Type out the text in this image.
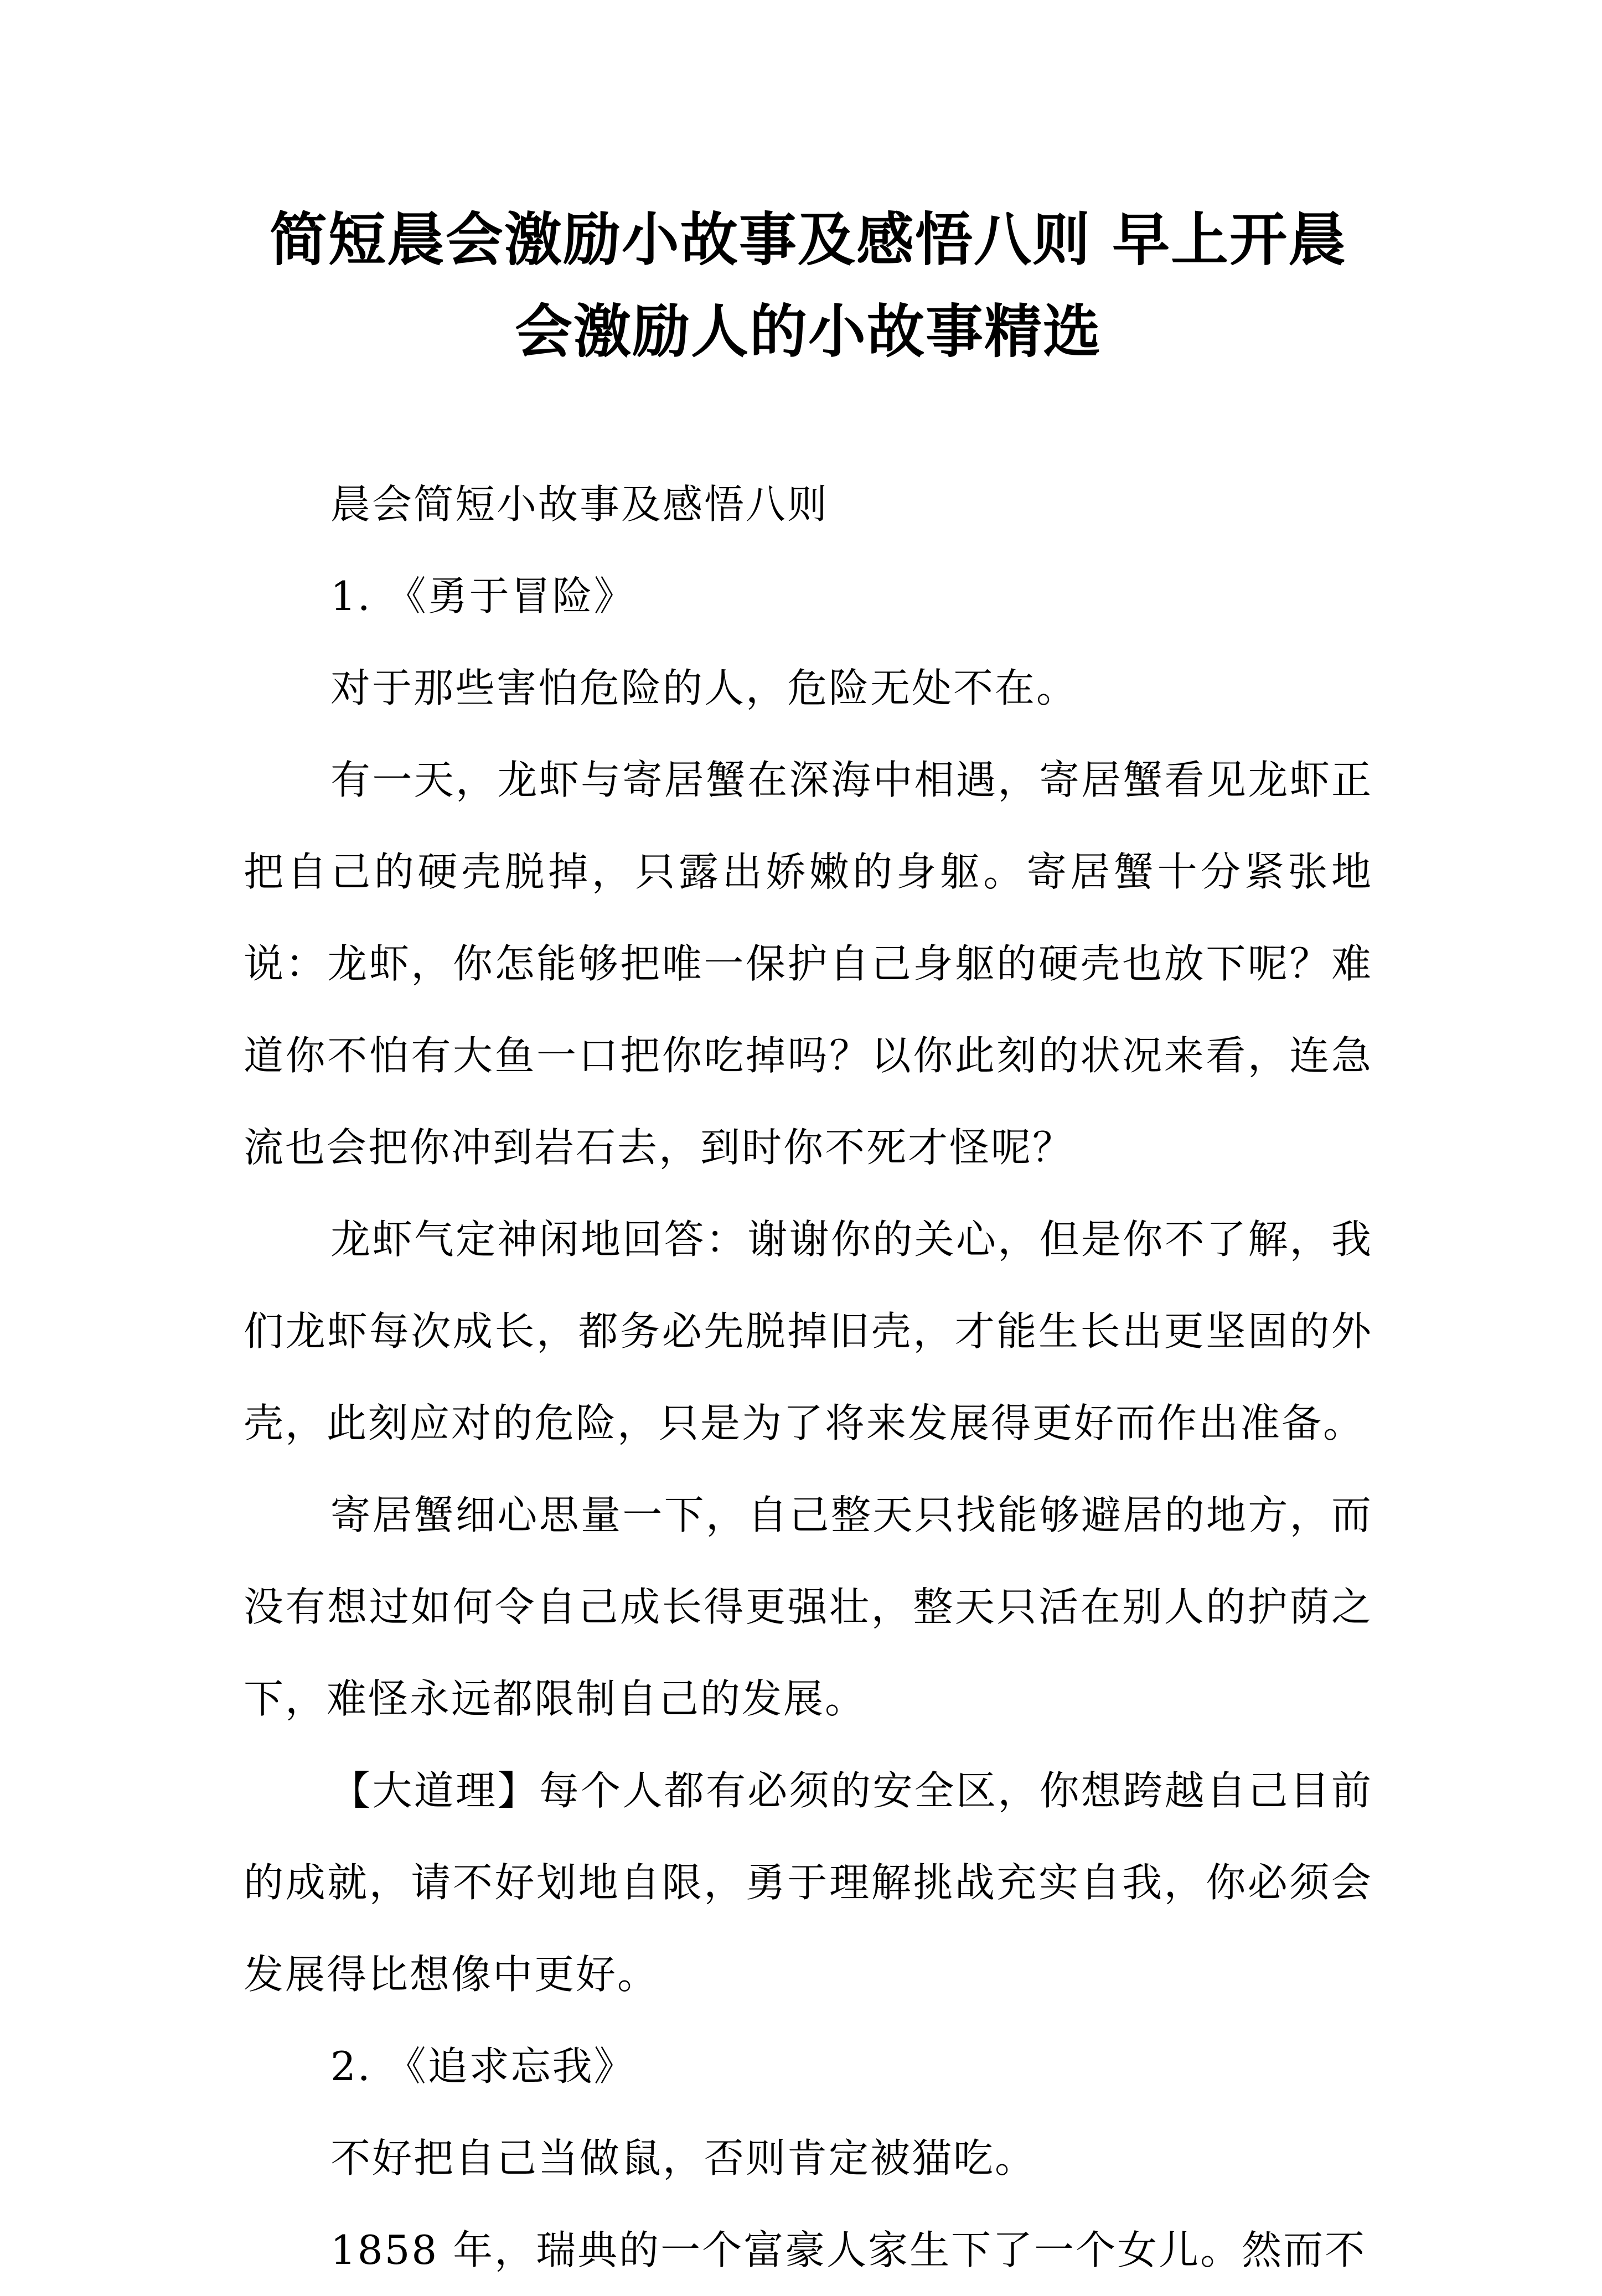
简短晨会激励小故事及感悟八则 早上开晨
会激励人的小故事精选

晨会简短小故事及感悟八则

1. 《勇于冒险》

对于那些害怕危险的人，危险无处不在。

有一天，龙虾与寄居蟹在深海中相遇，寄居蟹看见龙虾正把自己的硬壳脱掉，只露出娇嫩的身躯。寄居蟹十分紧张地说：龙虾，你怎能够把唯一保护自己身躯的硬壳也放下呢？难道你不怕有大鱼一口把你吃掉吗？以你此刻的状况来看，连急流也会把你冲到岩石去，到时你不死才怪呢？

龙虾气定神闲地回答：谢谢你的关心，但是你不了解，我们龙虾每次成长，都务必先脱掉旧壳，才能生长出更坚固的外壳，此刻应对的危险，只是为了将来发展得更好而作出准备。

寄居蟹细心思量一下，自己整天只找能够避居的地方，而没有想过如何令自己成长得更强壮，整天只活在别人的护荫之下，难怪永远都限制自己的发展。

【大道理】每个人都有必须的安全区，你想跨越自己目前的成就，请不好划地自限，勇于理解挑战充实自我，你必须会发展得比想像中更好。

2. 《追求忘我》

不好把自己当做鼠，否则肯定被猫吃。

1858 年，瑞典的一个富豪人家生下了一个女儿。然而不
